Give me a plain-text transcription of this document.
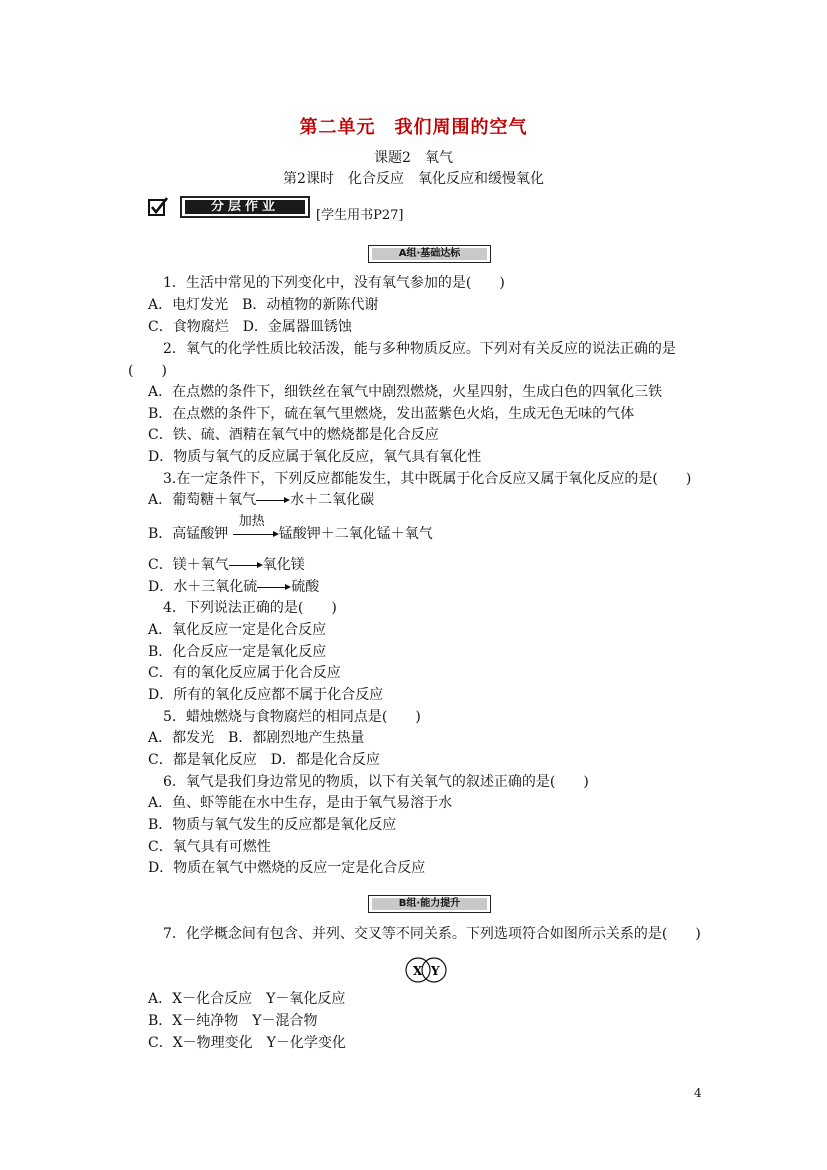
第二单元　我们周围的空气
课题2　氧气
第2课时　化合反应　氧化反应和缓慢氧化
分层作业
[学生用书P27]
A组·基础达标
1．生活中常见的下列变化中，没有氧气参加的是(　　)
A．电灯发光　B．动植物的新陈代谢
C．食物腐烂　D．金属器皿锈蚀
2．氧气的化学性质比较活泼，能与多种物质反应。下列对有关反应的说法正确的是
(　　)
A．在点燃的条件下，细铁丝在氧气中剧烈燃烧，火星四射，生成白色的四氧化三铁
B．在点燃的条件下，硫在氧气里燃烧，发出蓝紫色火焰，生成无色无味的气体
C．铁、硫、酒精在氧气中的燃烧都是化合反应
D．物质与氧气的反应属于氧化反应，氧气具有氧化性
3.在一定条件下，下列反应都能发生，其中既属于化合反应又属于氧化反应的是(　　)
A．葡萄糖＋氧气 水＋二氧化碳
B．高锰酸钾
加热
锰酸钾＋二氧化锰＋氧气
C．镁＋氧气 氧化镁
D．水＋三氧化硫 硫酸
4．下列说法正确的是(　　)
A．氧化反应一定是化合反应
B．化合反应一定是氧化反应
C．有的氧化反应属于化合反应
D．所有的氧化反应都不属于化合反应
5．蜡烛燃烧与食物腐烂的相同点是(　　)
A．都发光　B．都剧烈地产生热量
C．都是氧化反应　D．都是化合反应
6．氧气是我们身边常见的物质，以下有关氧气的叙述正确的是(　　)
A．鱼、虾等能在水中生存，是由于氧气易溶于水
B．物质与氧气发生的反应都是氧化反应
C．氧气具有可燃性
D．物质在氧气中燃烧的反应一定是化合反应
B组·能力提升
7．化学概念间有包含、并列、交叉等不同关系。下列选项符合如图所示关系的是(　　)
X Y
A．X－化合反应　Y－氧化反应
B．X－纯净物　Y－混合物
C．X－物理变化　Y－化学变化
4
